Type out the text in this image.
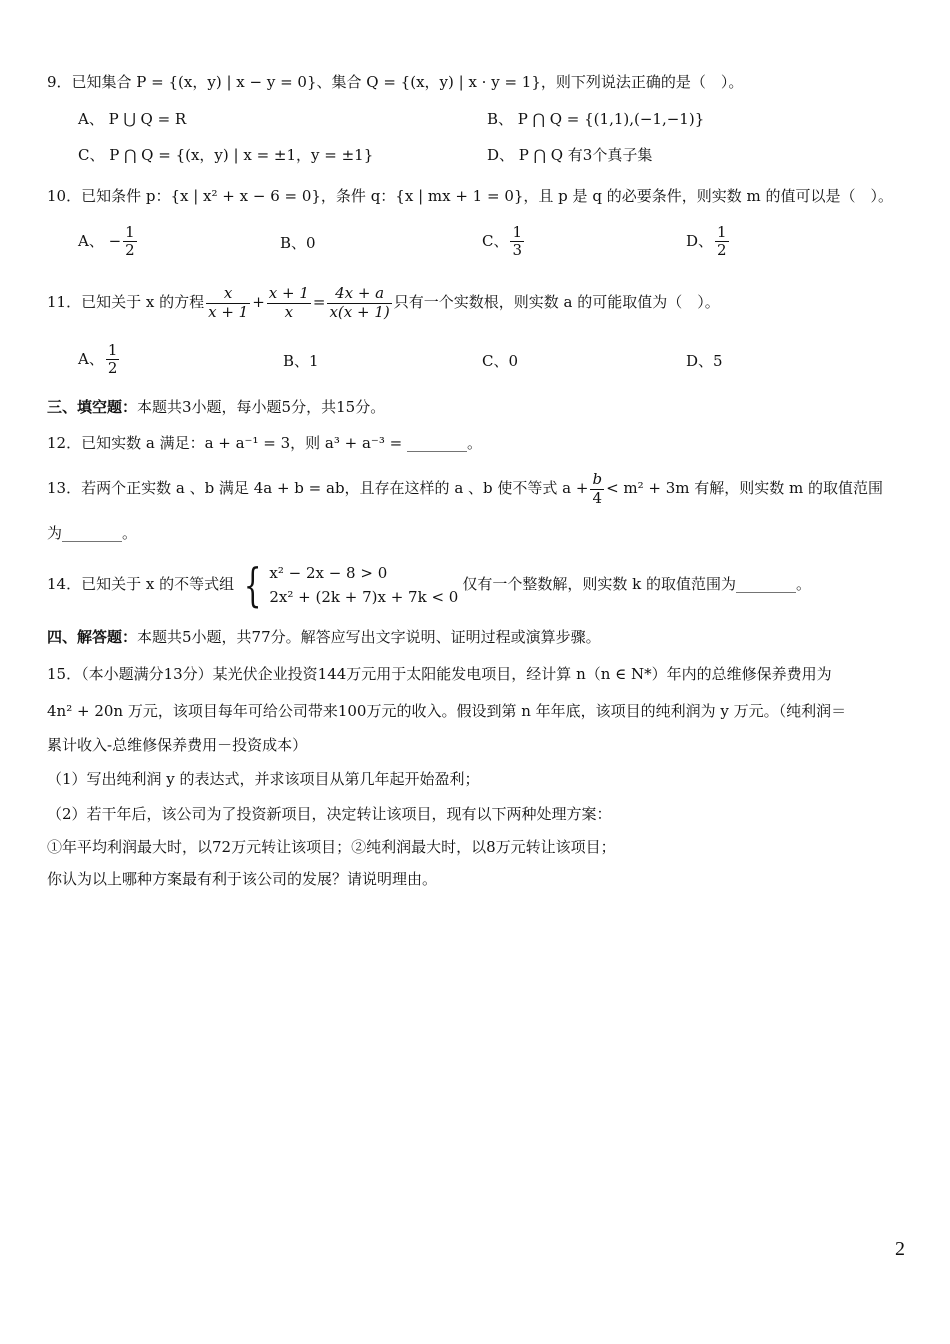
9．已知集合 P = {(x，y) | x − y = 0}、集合 Q = {(x，y) | x · y = 1}，则下列说法正确的是（　）。
A、 P ⋃ Q = R	B、 P ⋂ Q = {(1,1),(−1,−1)}
C、 P ⋂ Q = {(x，y) | x = ±1，y = ±1}	D、 P ⋂ Q 有3个真子集
10．已知条件 p：{x | x² + x − 6 = 0}，条件 q：{x | mx + 1 = 0}，且 p 是 q 的必要条件，则实数 m 的值可以是（　）。
A、 − $\frac{1}{2}$	B、0	C、 $\frac{1}{3}$	D、 $\frac{1}{2}$
11．已知关于 x 的方程 $\frac{x}{x + 1} + \frac{x + 1}{x} = \frac{4x + a}{x(x + 1)}$ 只有一个实数根，则实数 a 的可能取值为（　）。
A、 $\frac{1}{2}$	B、1	C、0	D、5
三、填空题：本题共3小题，每小题5分，共15分。
12．已知实数 a 满足：a + a⁻¹ = 3，则 a³ + a⁻³ = ________。
13．若两个正实数 a 、b 满足 4a + b = ab，且存在这样的 a 、b 使不等式 $a + \frac{b}{4} < m^2 + 3m$ 有解，则实数 m 的取值范围
为________。
14．已知关于 x 的不等式组 { x² − 2x − 8 > 0
2x² + (2k + 7)x + 7k < 0
仅有一个整数解，则实数 k 的取值范围为________。
四、解答题：本题共5小题，共77分。解答应写出文字说明、证明过程或演算步骤。
15．（本小题满分13分）某光伏企业投资144万元用于太阳能发电项目，经计算 n（n ∈ N*）年内的总维修保养费用为
4n² + 20n 万元，该项目每年可给公司带来100万元的收入。假设到第 n 年年底，该项目的纯利润为 y 万元。（纯利润＝
累计收入-总维修保养费用－投资成本）
（1）写出纯利润 y 的表达式，并求该项目从第几年起开始盈利；
（2）若干年后，该公司为了投资新项目，决定转让该项目，现有以下两种处理方案：
①年平均利润最大时，以72万元转让该项目；②纯利润最大时，以8万元转让该项目；
你认为以上哪种方案最有利于该公司的发展？请说明理由。
2
